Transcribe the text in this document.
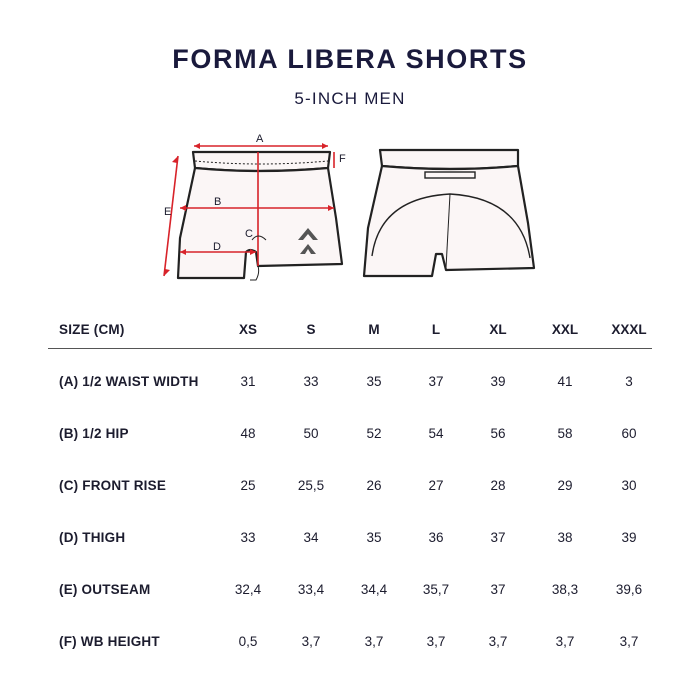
FORMA LIBERA SHORTS
5-INCH MEN
A
F
E
B
C
D
SIZE (CM)	XS	S	M	L	XL	XXL	XXXL
(A) 1/2 WAIST WIDTH	31	33	35	37	39	41	3
(B) 1/2 HIP	48	50	52	54	56	58	60
(C) FRONT RISE	25	25,5	26	27	28	29	30
(D) THIGH	33	34	35	36	37	38	39
(E) OUTSEAM	32,4	33,4	34,4	35,7	37	38,3	39,6
(F) WB HEIGHT	0,5	3,7	3,7	3,7	3,7	3,7	3,7
